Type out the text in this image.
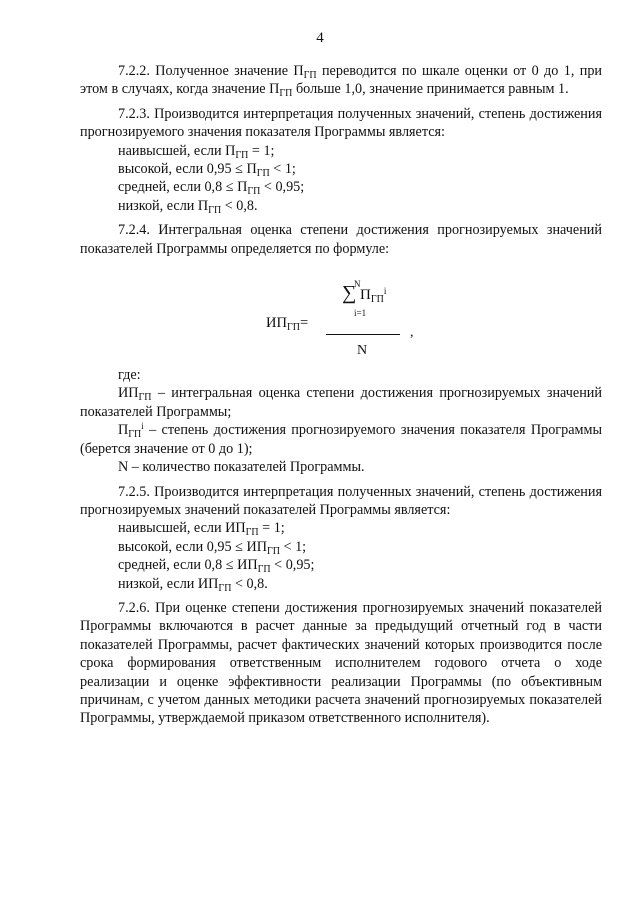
4

7.2.2. Полученное значение $П_{ГП}$ переводится по шкале оценки от 0 до 1, при этом в случаях, когда значение $П_{ГП}$ больше 1,0, значение принимается равным 1.

7.2.3. Производится интерпретация полученных значений, степень достижения прогнозируемого значения показателя Программы является:

наивысшей, если $П_{ГП} = 1$;

высокой, если $0,95 \le П_{ГП} < 1$;

средней, если $0,8 \le П_{ГП} < 0,95$;

низкой, если $П_{ГП} < 0,8$.

7.2.4. Интегральная оценка степени достижения прогнозируемых значений показателей Программы определяется по формуле:

∑
N
i=1
$П_{ГП}^i$
$ИП_{ГП}=$
,
N

где:

$ИП_{ГП}$ – интегральная оценка степени достижения прогнозируемых значений показателей Программы;

$П_{ГП}^i$ – степень достижения прогнозируемого значения показателя Программы (берется значение от 0 до 1);

N – количество показателей Программы.

7.2.5. Производится интерпретация полученных значений, степень достижения прогнозируемых значений показателей Программы является:

наивысшей, если $ИП_{ГП} = 1$;

высокой, если $0,95 \le ИП_{ГП} < 1$;

средней, если $0,8 \le ИП_{ГП} < 0,95$;

низкой, если $ИП_{ГП} < 0,8$.

7.2.6. При оценке степени достижения прогнозируемых значений показателей Программы включаются в расчет данные за предыдущий отчетный год в части показателей Программы, расчет фактических значений которых производится после срока формирования ответственным исполнителем годового отчета о ходе реализации и оценке эффективности реализации Программы (по объективным причинам, с учетом данных методики расчета значений прогнозируемых показателей Программы, утверждаемой приказом ответственного исполнителя).
